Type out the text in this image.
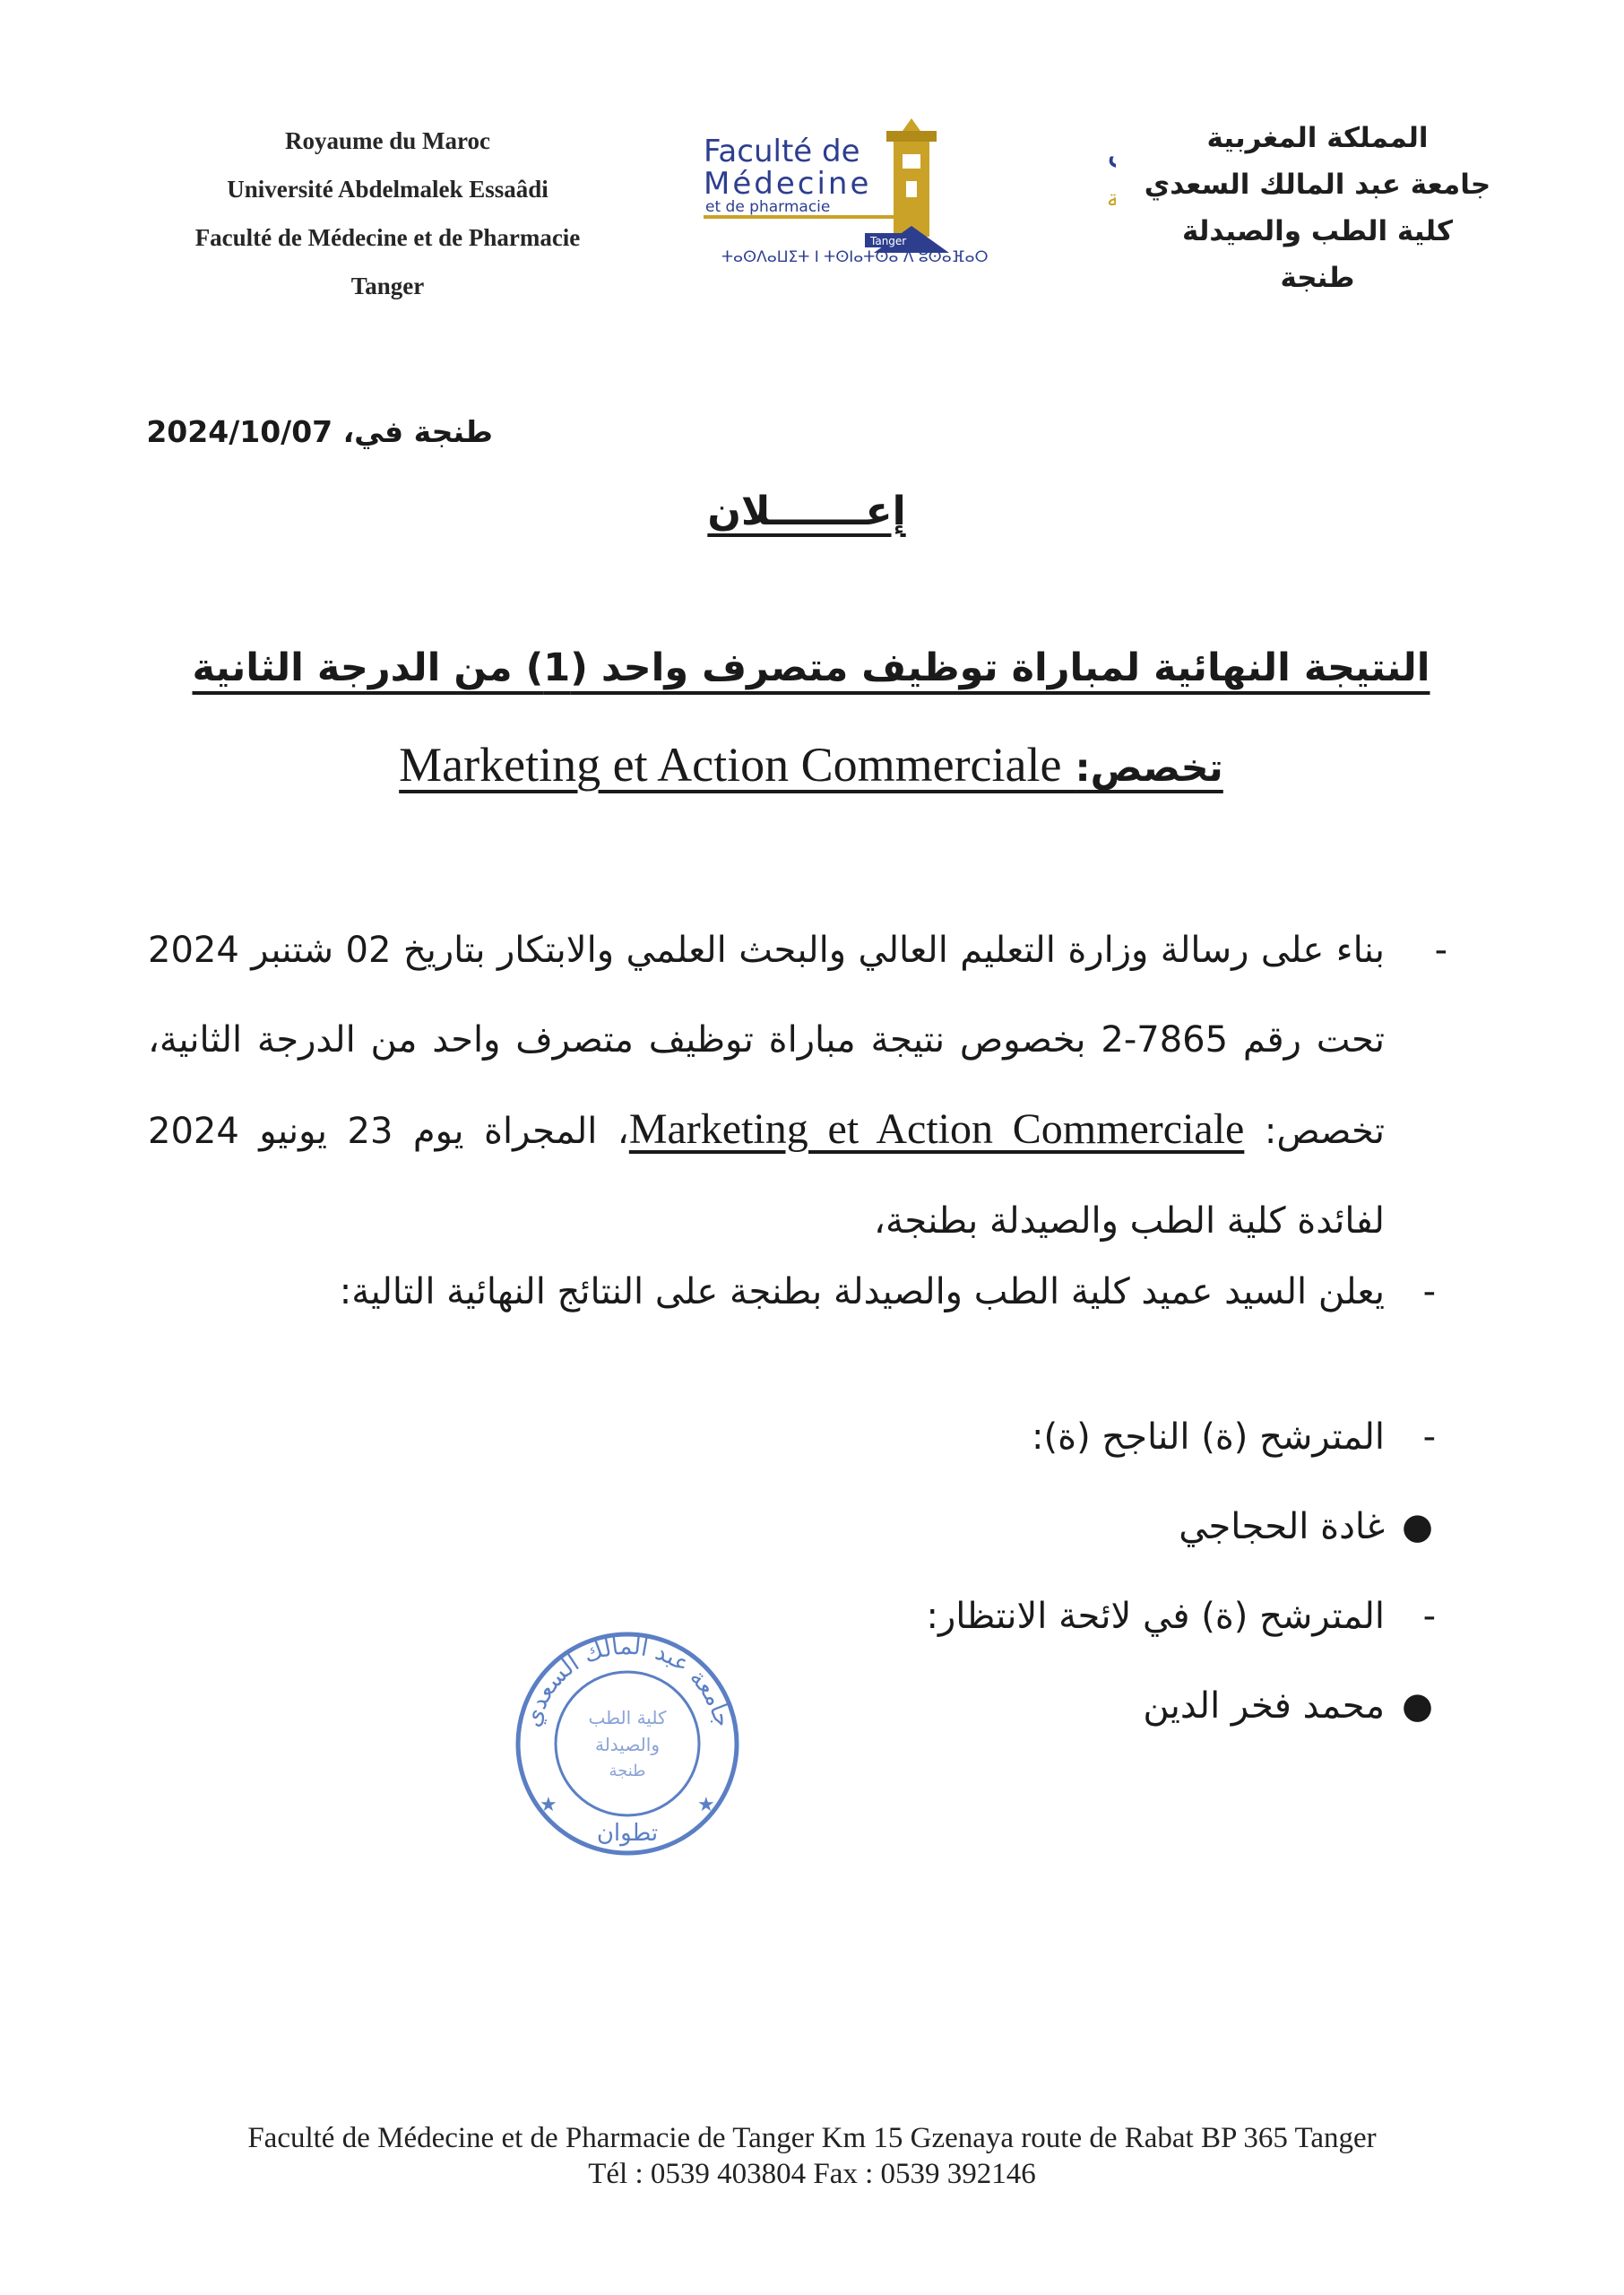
Royaume du Maroc
Université Abdelmalek Essaâdi
Faculté de Médecine et de Pharmacie
Tanger
Faculté de
Médecine
et de pharmacie
Tanger
ة
ⵜⴰⵙⴷⴰⵡⵉⵜ ⵏ ⵜⵙⵏⴰⵜⵙⴰ ⴷ ⵓⵙⴰⴼⴰⵔ
المملكة المغربية
جامعة عبد المالك السعدي
كلية الطب والصيدلة
طنجة
طنجة في، 2024/10/07
إعـــــــلان
النتيجة النهائية لمباراة توظيف متصرف واحد (1) من الدرجة الثانية
تخصص: Marketing et Action Commerciale
-
بناء على رسالة وزارة التعليم العالي والبحث العلمي والابتكار بتاريخ 02 شتنبر 2024 تحت رقم 7865-2 بخصوص نتيجة مباراة توظيف متصرف واحد من الدرجة الثانية، تخصص: Marketing et Action Commerciale، المجراة يوم 23 يونيو 2024 لفائدة كلية الطب والصيدلة بطنجة،
يعلن السيد عميد كلية الطب والصيدلة بطنجة على النتائج النهائية التالية: -
المترشح (ة) الناجح (ة): -
غادة الحجاجي ●
المترشح (ة) في لائحة الانتظار: -
محمد فخر الدين ●
جامعة عبد المالك السعدي
كلية الطب
والصيدلة
طنجة
تطوان
★	★
Faculté de Médecine et de Pharmacie de Tanger Km 15 Gzenaya route de Rabat BP 365 Tanger
Tél : 0539 403804 Fax : 0539 392146
